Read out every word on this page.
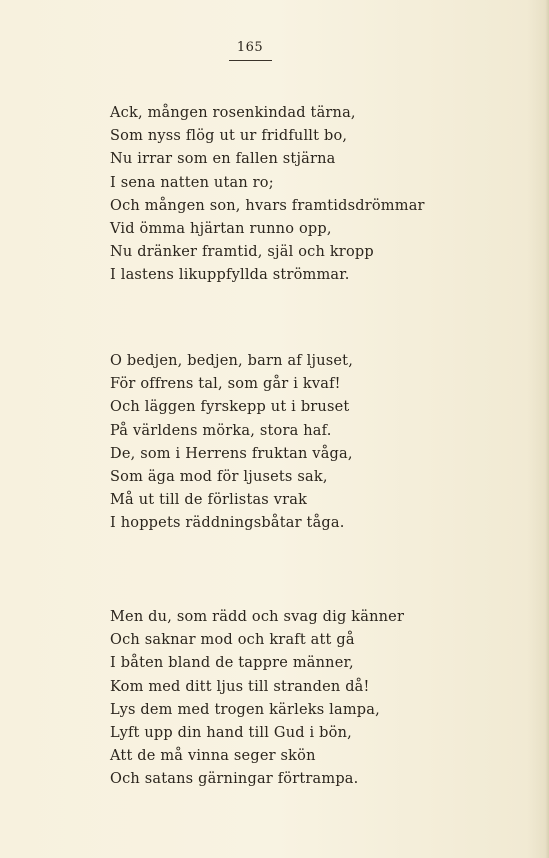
165
Ack, mången rosenkindad tärna,
Som nyss flög ut ur fridfullt bo,
Nu irrar som en fallen stjärna
I sena natten utan ro;
Och mången son, hvars framtidsdrömmar
Vid ömma hjärtan runno opp,
Nu dränker framtid, själ och kropp
I lastens likuppfyllda strömmar.
O bedjen, bedjen, barn af ljuset,
För offrens tal, som går i kvaf!
Och läggen fyrskepp ut i bruset
På världens mörka, stora haf.
De, som i Herrens fruktan våga,
Som äga mod för ljusets sak,
Må ut till de förlistas vrak
I hoppets räddningsbåtar tåga.
Men du, som rädd och svag dig känner
Och saknar mod och kraft att gå
I båten bland de tappre männer,
Kom med ditt ljus till stranden då!
Lys dem med trogen kärleks lampa,
Lyft upp din hand till Gud i bön,
Att de må vinna seger skön
Och satans gärningar förtrampa.
